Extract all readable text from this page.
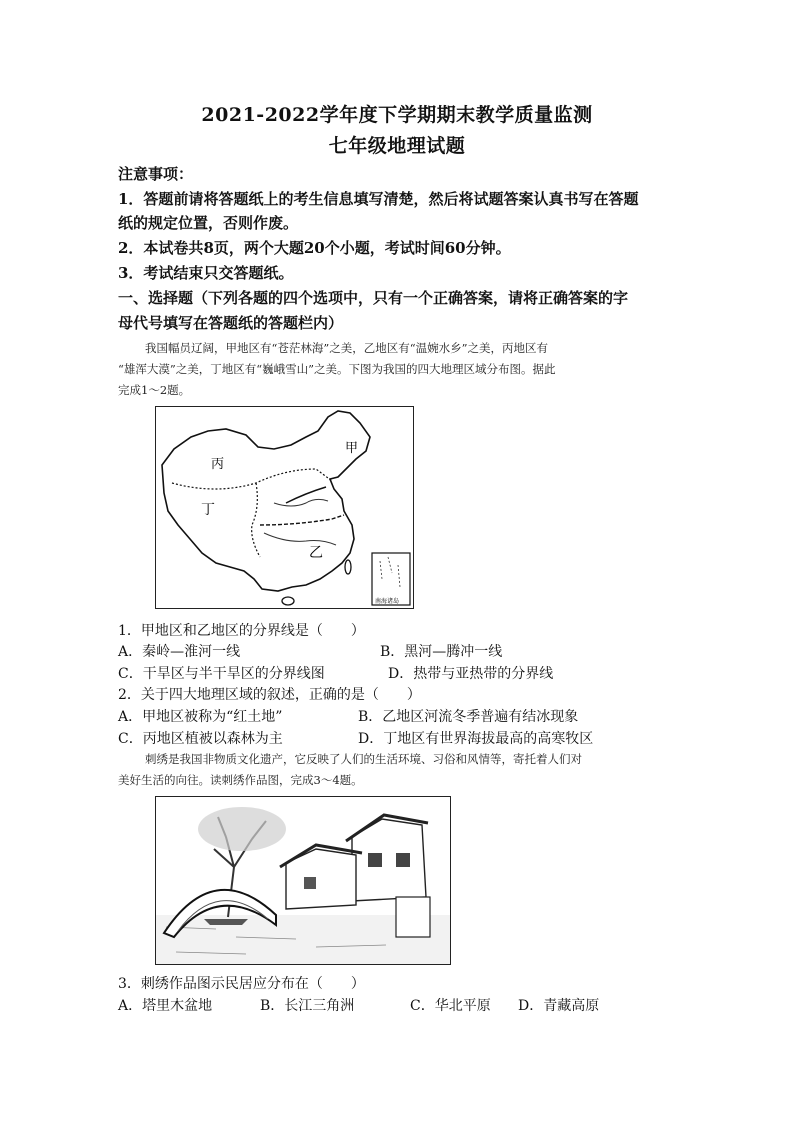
2021-2022学年度下学期期末教学质量监测
七年级地理试题
注意事项：
1．答题前请将答题纸上的考生信息填写清楚，然后将试题答案认真书写在答题
纸的规定位置，否则作废。
2．本试卷共8页，两个大题20个小题，考试时间60分钟。
3．考试结束只交答题纸。
一、选择题（下列各题的四个选项中，只有一个正确答案，请将正确答案的字
母代号填写在答题纸的答题栏内）
我国幅员辽阔，甲地区有“苍茫林海”之美，乙地区有“温婉水乡”之美，丙地区有
“雄浑大漠”之美，丁地区有“巍峨雪山”之美。下图为我国的四大地理区域分布图。据此
完成1～2题。
甲
乙
丙
丁
南海诸岛
1．甲地区和乙地区的分界线是（　　）
A．秦岭—淮河一线	B．黑河—腾冲一线
C．干旱区与半干旱区的分界线图	D．热带与亚热带的分界线
2．关于四大地理区域的叙述，正确的是（　　）
A．甲地区被称为“红土地”	B．乙地区河流冬季普遍有结冰现象
C．丙地区植被以森林为主	D．丁地区有世界海拔最高的高寒牧区
刺绣是我国非物质文化遗产，它反映了人们的生活环境、习俗和风情等，寄托着人们对
美好生活的向往。读刺绣作品图，完成3～4题。
3．刺绣作品图示民居应分布在（　　）
A．塔里木盆地	B．长江三角洲	C．华北平原 D．青藏高原
